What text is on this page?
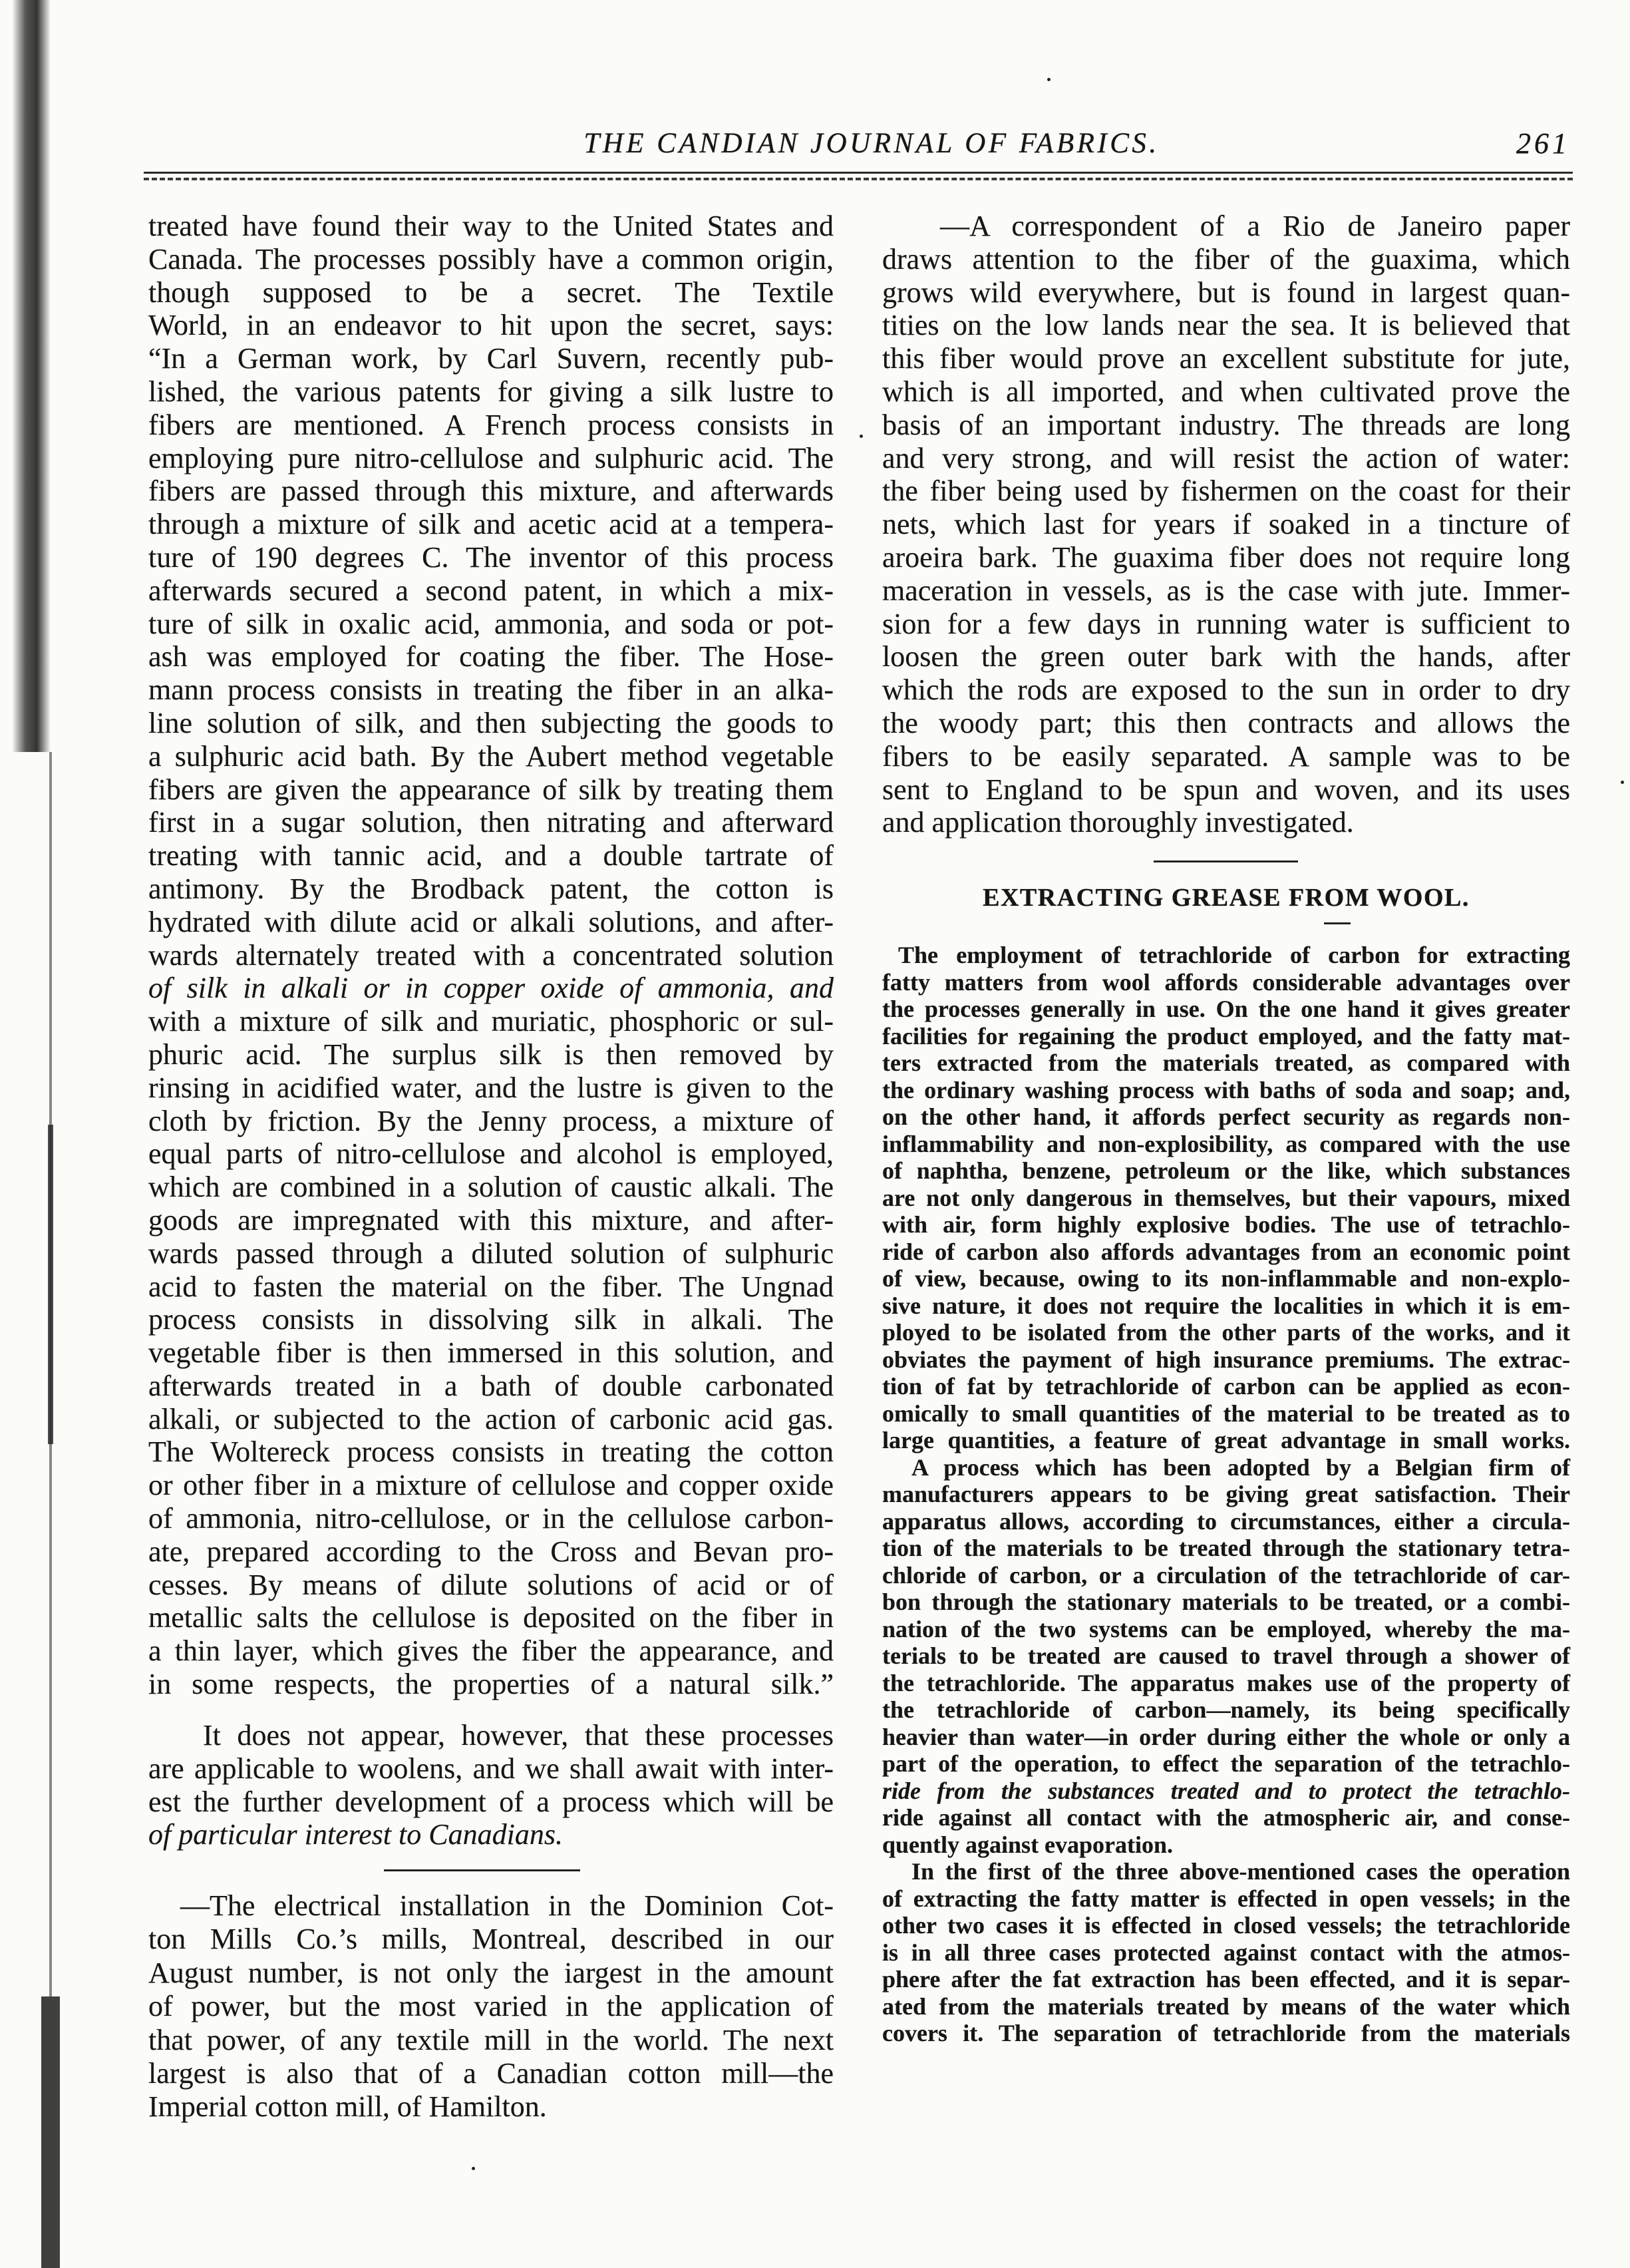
THE CANDIAN JOURNAL OF FABRICS.	261
treated have found their way to the United States and
Canada. The processes possibly have a common origin,
though supposed to be a secret. The Textile
World, in an endeavor to hit upon the secret, says:
“In a German work, by Carl Suvern, recently pub-
lished, the various patents for giving a silk lustre to
fibers are mentioned. A French process consists in
employing pure nitro-cellulose and sulphuric acid. The
fibers are passed through this mixture, and afterwards
through a mixture of silk and acetic acid at a tempera-
ture of 190 degrees C. The inventor of this process
afterwards secured a second patent, in which a mix-
ture of silk in oxalic acid, ammonia, and soda or pot-
ash was employed for coating the fiber. The Hose-
mann process consists in treating the fiber in an alka-
line solution of silk, and then subjecting the goods to
a sulphuric acid bath. By the Aubert method vegetable
fibers are given the appearance of silk by treating them
first in a sugar solution, then nitrating and afterward
treating with tannic acid, and a double tartrate of
antimony. By the Brodback patent, the cotton is
hydrated with dilute acid or alkali solutions, and after-
wards alternately treated with a concentrated solution
of silk in alkali or in copper oxide of ammonia, and
with a mixture of silk and muriatic, phosphoric or sul-
phuric acid. The surplus silk is then removed by
rinsing in acidified water, and the lustre is given to the
cloth by friction. By the Jenny process, a mixture of
equal parts of nitro-cellulose and alcohol is employed,
which are combined in a solution of caustic alkali. The
goods are impregnated with this mixture, and after-
wards passed through a diluted solution of sulphuric
acid to fasten the material on the fiber. The Ungnad
process consists in dissolving silk in alkali. The
vegetable fiber is then immersed in this solution, and
afterwards treated in a bath of double carbonated
alkali, or subjected to the action of carbonic acid gas.
The Woltereck process consists in treating the cotton
or other fiber in a mixture of cellulose and copper oxide
of ammonia, nitro-cellulose, or in the cellulose carbon-
ate, prepared according to the Cross and Bevan pro-
cesses. By means of dilute solutions of acid or of
metallic salts the cellulose is deposited on the fiber in
a thin layer, which gives the fiber the appearance, and
in some respects, the properties of a natural silk.”
It does not appear, however, that these processes
are applicable to woolens, and we shall await with inter-
est the further development of a process which will be
of particular interest to Canadians.
—The electrical installation in the Dominion Cot-
ton Mills Co.’s mills, Montreal, described in our
August number, is not only the iargest in the amount
of power, but the most varied in the application of
that power, of any textile mill in the world. The next
largest is also that of a Canadian cotton mill—the
Imperial cotton mill, of Hamilton.
—A correspondent of a Rio de Janeiro paper
draws attention to the fiber of the guaxima, which
grows wild everywhere, but is found in largest quan-
tities on the low lands near the sea. It is believed that
this fiber would prove an excellent substitute for jute,
which is all imported, and when cultivated prove the
basis of an important industry. The threads are long
and very strong, and will resist the action of water:
the fiber being used by fishermen on the coast for their
nets, which last for years if soaked in a tincture of
aroeira bark. The guaxima fiber does not require long
maceration in vessels, as is the case with jute. Immer-
sion for a few days in running water is sufficient to
loosen the green outer bark with the hands, after
which the rods are exposed to the sun in order to dry
the woody part; this then contracts and allows the
fibers to be easily separated. A sample was to be
sent to England to be spun and woven, and its uses
and application thoroughly investigated.
EXTRACTING GREASE FROM WOOL.
The employment of tetrachloride of carbon for extracting
fatty matters from wool affords considerable advantages over
the processes generally in use. On the one hand it gives greater
facilities for regaining the product employed, and the fatty mat-
ters extracted from the materials treated, as compared with
the ordinary washing process with baths of soda and soap; and,
on the other hand, it affords perfect security as regards non-
inflammability and non-explosibility, as compared with the use
of naphtha, benzene, petroleum or the like, which substances
are not only dangerous in themselves, but their vapours, mixed
with air, form highly explosive bodies. The use of tetrachlo-
ride of carbon also affords advantages from an economic point
of view, because, owing to its non-inflammable and non-explo-
sive nature, it does not require the localities in which it is em-
ployed to be isolated from the other parts of the works, and it
obviates the payment of high insurance premiums. The extrac-
tion of fat by tetrachloride of carbon can be applied as econ-
omically to small quantities of the material to be treated as to
large quantities, a feature of great advantage in small works.
A process which has been adopted by a Belgian firm of
manufacturers appears to be giving great satisfaction. Their
apparatus allows, according to circumstances, either a circula-
tion of the materials to be treated through the stationary tetra-
chloride of carbon, or a circulation of the tetrachloride of car-
bon through the stationary materials to be treated, or a combi-
nation of the two systems can be employed, whereby the ma-
terials to be treated are caused to travel through a shower of
the tetrachloride. The apparatus makes use of the property of
the tetrachloride of carbon—namely, its being specifically
heavier than water—in order during either the whole or only a
part of the operation, to effect the separation of the tetrachlo-
ride from the substances treated and to protect the tetrachlo-
ride against all contact with the atmospheric air, and conse-
quently against evaporation.
In the first of the three above-mentioned cases the operation
of extracting the fatty matter is effected in open vessels; in the
other two cases it is effected in closed vessels; the tetrachloride
is in all three cases protected against contact with the atmos-
phere after the fat extraction has been effected, and it is separ-
ated from the materials treated by means of the water which
covers it. The separation of tetrachloride from the materials
